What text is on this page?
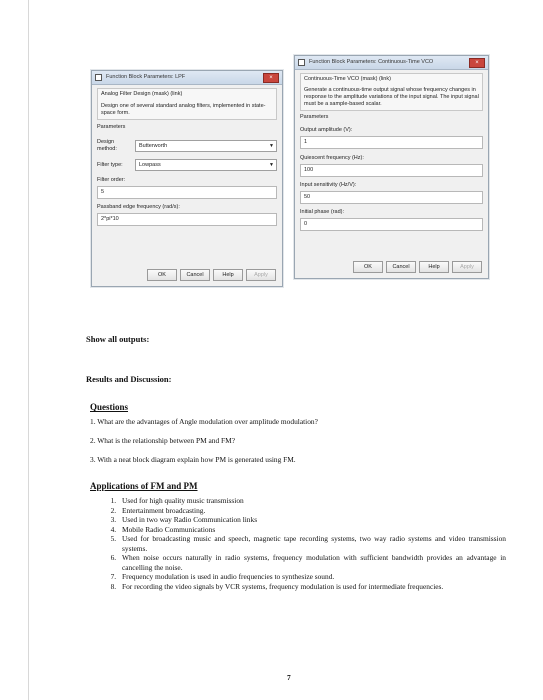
Function Block Parameters: LPF	×
Analog Filter Design (mask) (link)
Design one of several standard analog filters, implemented in state-space form.
Parameters
Design method:	Butterworth	▼
Filter type:	Lowpass	▼
Filter order:
5
Passband edge frequency (rad/s):
2*pi*10
OK	Cancel	Help	Apply
Function Block Parameters: Continuous-Time VCO	×
Continuous-Time VCO (mask) (link)
Generate a continuous-time output signal whose frequency changes in response to the amplitude variations of the input signal. The input signal must be a sample-based scalar.
Parameters
Output amplitude (V):
1
Quiescent frequency (Hz):
100
Input sensitivity (Hz/V):
50
Initial phase (rad):
0
OK	Cancel	Help	Apply
Show all outputs:
Results and Discussion:
Questions
1. What are the advantages of Angle modulation over amplitude modulation?
2. What is the relationship between PM and FM?
3. With a neat block diagram explain how PM is generated using FM.
Applications of FM and PM
1. Used for high quality music transmission
2. Entertainment broadcasting.
3. Used in two way Radio Communication links
4. Mobile Radio Communications
5. Used for broadcasting music and speech, magnetic tape recording systems, two way radio systems and video transmission systems.
6. When noise occurs naturally in radio systems, frequency modulation with sufficient bandwidth provides an advantage in cancelling the noise.
7. Frequency modulation is used in audio frequencies to synthesize sound.
8. For recording the video signals by VCR systems, frequency modulation is used for intermediate frequencies.
7
